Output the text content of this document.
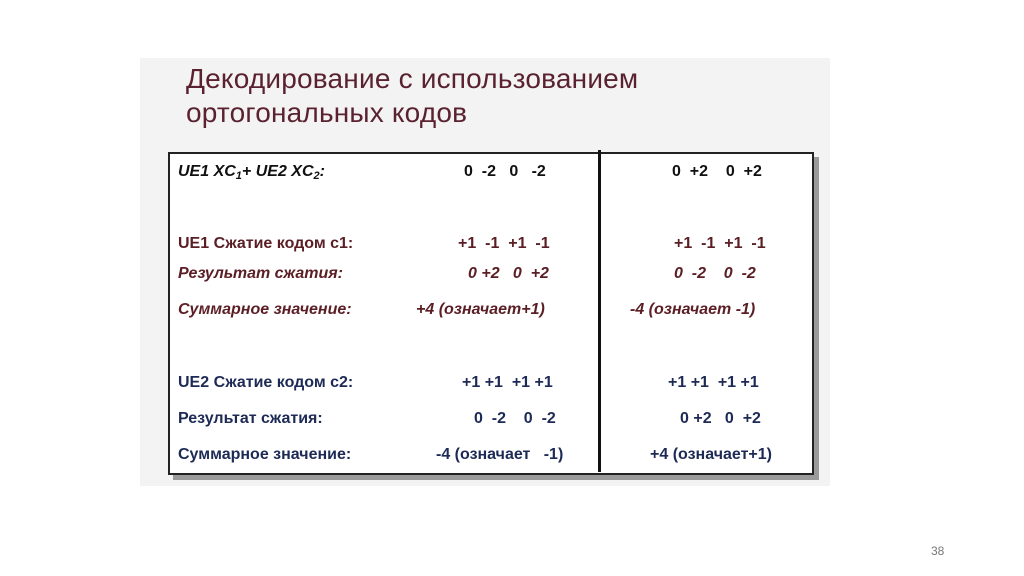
Декодирование с использованием
ортогональных кодов
UE1 $XC_1+ UE2$ $XC_2$:	0  -2   0   -2	0  +2    0  +2
UE1 Сжатие кодом c1:	+1  -1  +1  -1	+1  -1  +1  -1
Результат сжатия:	0 +2   0  +2	0  -2    0  -2
Суммарное значение:	+4 (означает+1)	-4 (означает -1)
UE2 Сжатие кодом c2:	+1 +1  +1 +1	+1 +1  +1 +1
Результат сжатия:	0  -2    0  -2	0 +2   0  +2
Суммарное значение:	-4 (означает   -1)	+4 (означает+1)
38
